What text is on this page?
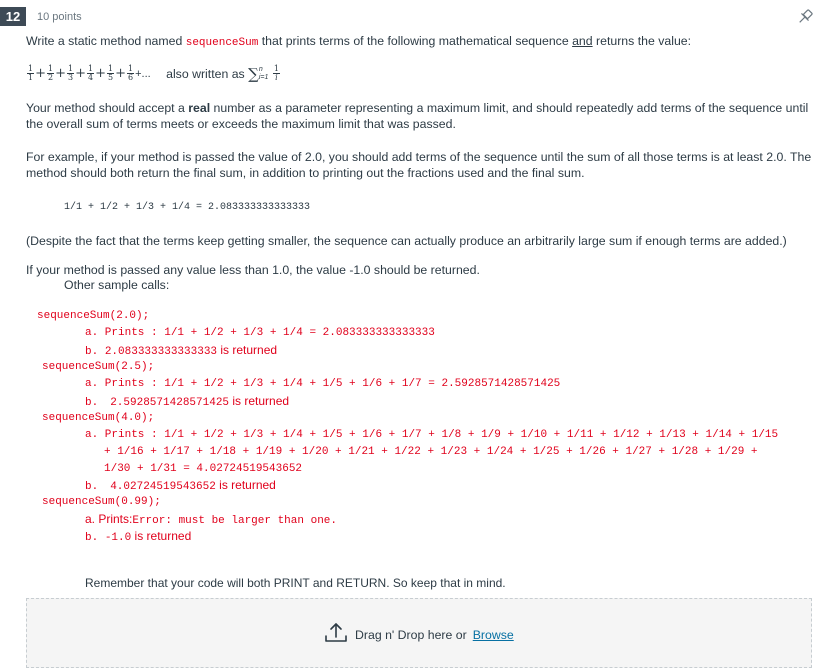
12	10 points
Write a static method named sequenceSum that prints terms of the following mathematical sequence and returns the value:
$\frac{1}{1} + \frac{1}{2} + \frac{1}{3} + \frac{1}{4} + \frac{1}{5} + \frac{1}{6}$ +... also written as ∑ n
i=1
$\frac{1}{i}$
Your method should accept a real number as a parameter representing a maximum limit, and should repeatedly add terms of the sequence until the overall sum of terms meets or exceeds the maximum limit that was passed.
For example, if your method is passed the value of 2.0, you should add terms of the sequence until the sum of all those terms is at least 2.0. The method should both return the final sum, in addition to printing out the fractions used and the final sum.
1/1 + 1/2 + 1/3 + 1/4 = 2.083333333333333
(Despite the fact that the terms keep getting smaller, the sequence can actually produce an arbitrarily large sum if enough terms are added.)
If your method is passed any value less than 1.0, the value -1.0 should be returned.
Other sample calls:
sequenceSum(2.0);
a. Prints : 1/1 + 1/2 + 1/3 + 1/4 = 2.083333333333333
b. 2.083333333333333 is returned
sequenceSum(2.5);
a. Prints : 1/1 + 1/2 + 1/3 + 1/4 + 1/5 + 1/6 + 1/7 = 2.5928571428571425
b. 2.5928571428571425 is returned
sequenceSum(4.0);
a. Prints : 1/1 + 1/2 + 1/3 + 1/4 + 1/5 + 1/6 + 1/7 + 1/8 + 1/9 + 1/10 + 1/11 + 1/12 + 1/13 + 1/14 + 1/15
+ 1/16 + 1/17 + 1/18 + 1/19 + 1/20 + 1/21 + 1/22 + 1/23 + 1/24 + 1/25 + 1/26 + 1/27 + 1/28 + 1/29 +
1/30 + 1/31 = 4.02724519543652
b. 4.02724519543652 is returned
sequenceSum(0.99);
a. Prints:Error: must be larger than one.
b. -1.0 is returned
Remember that your code will both PRINT and RETURN. So keep that in mind.
Drag n' Drop here or Browse
